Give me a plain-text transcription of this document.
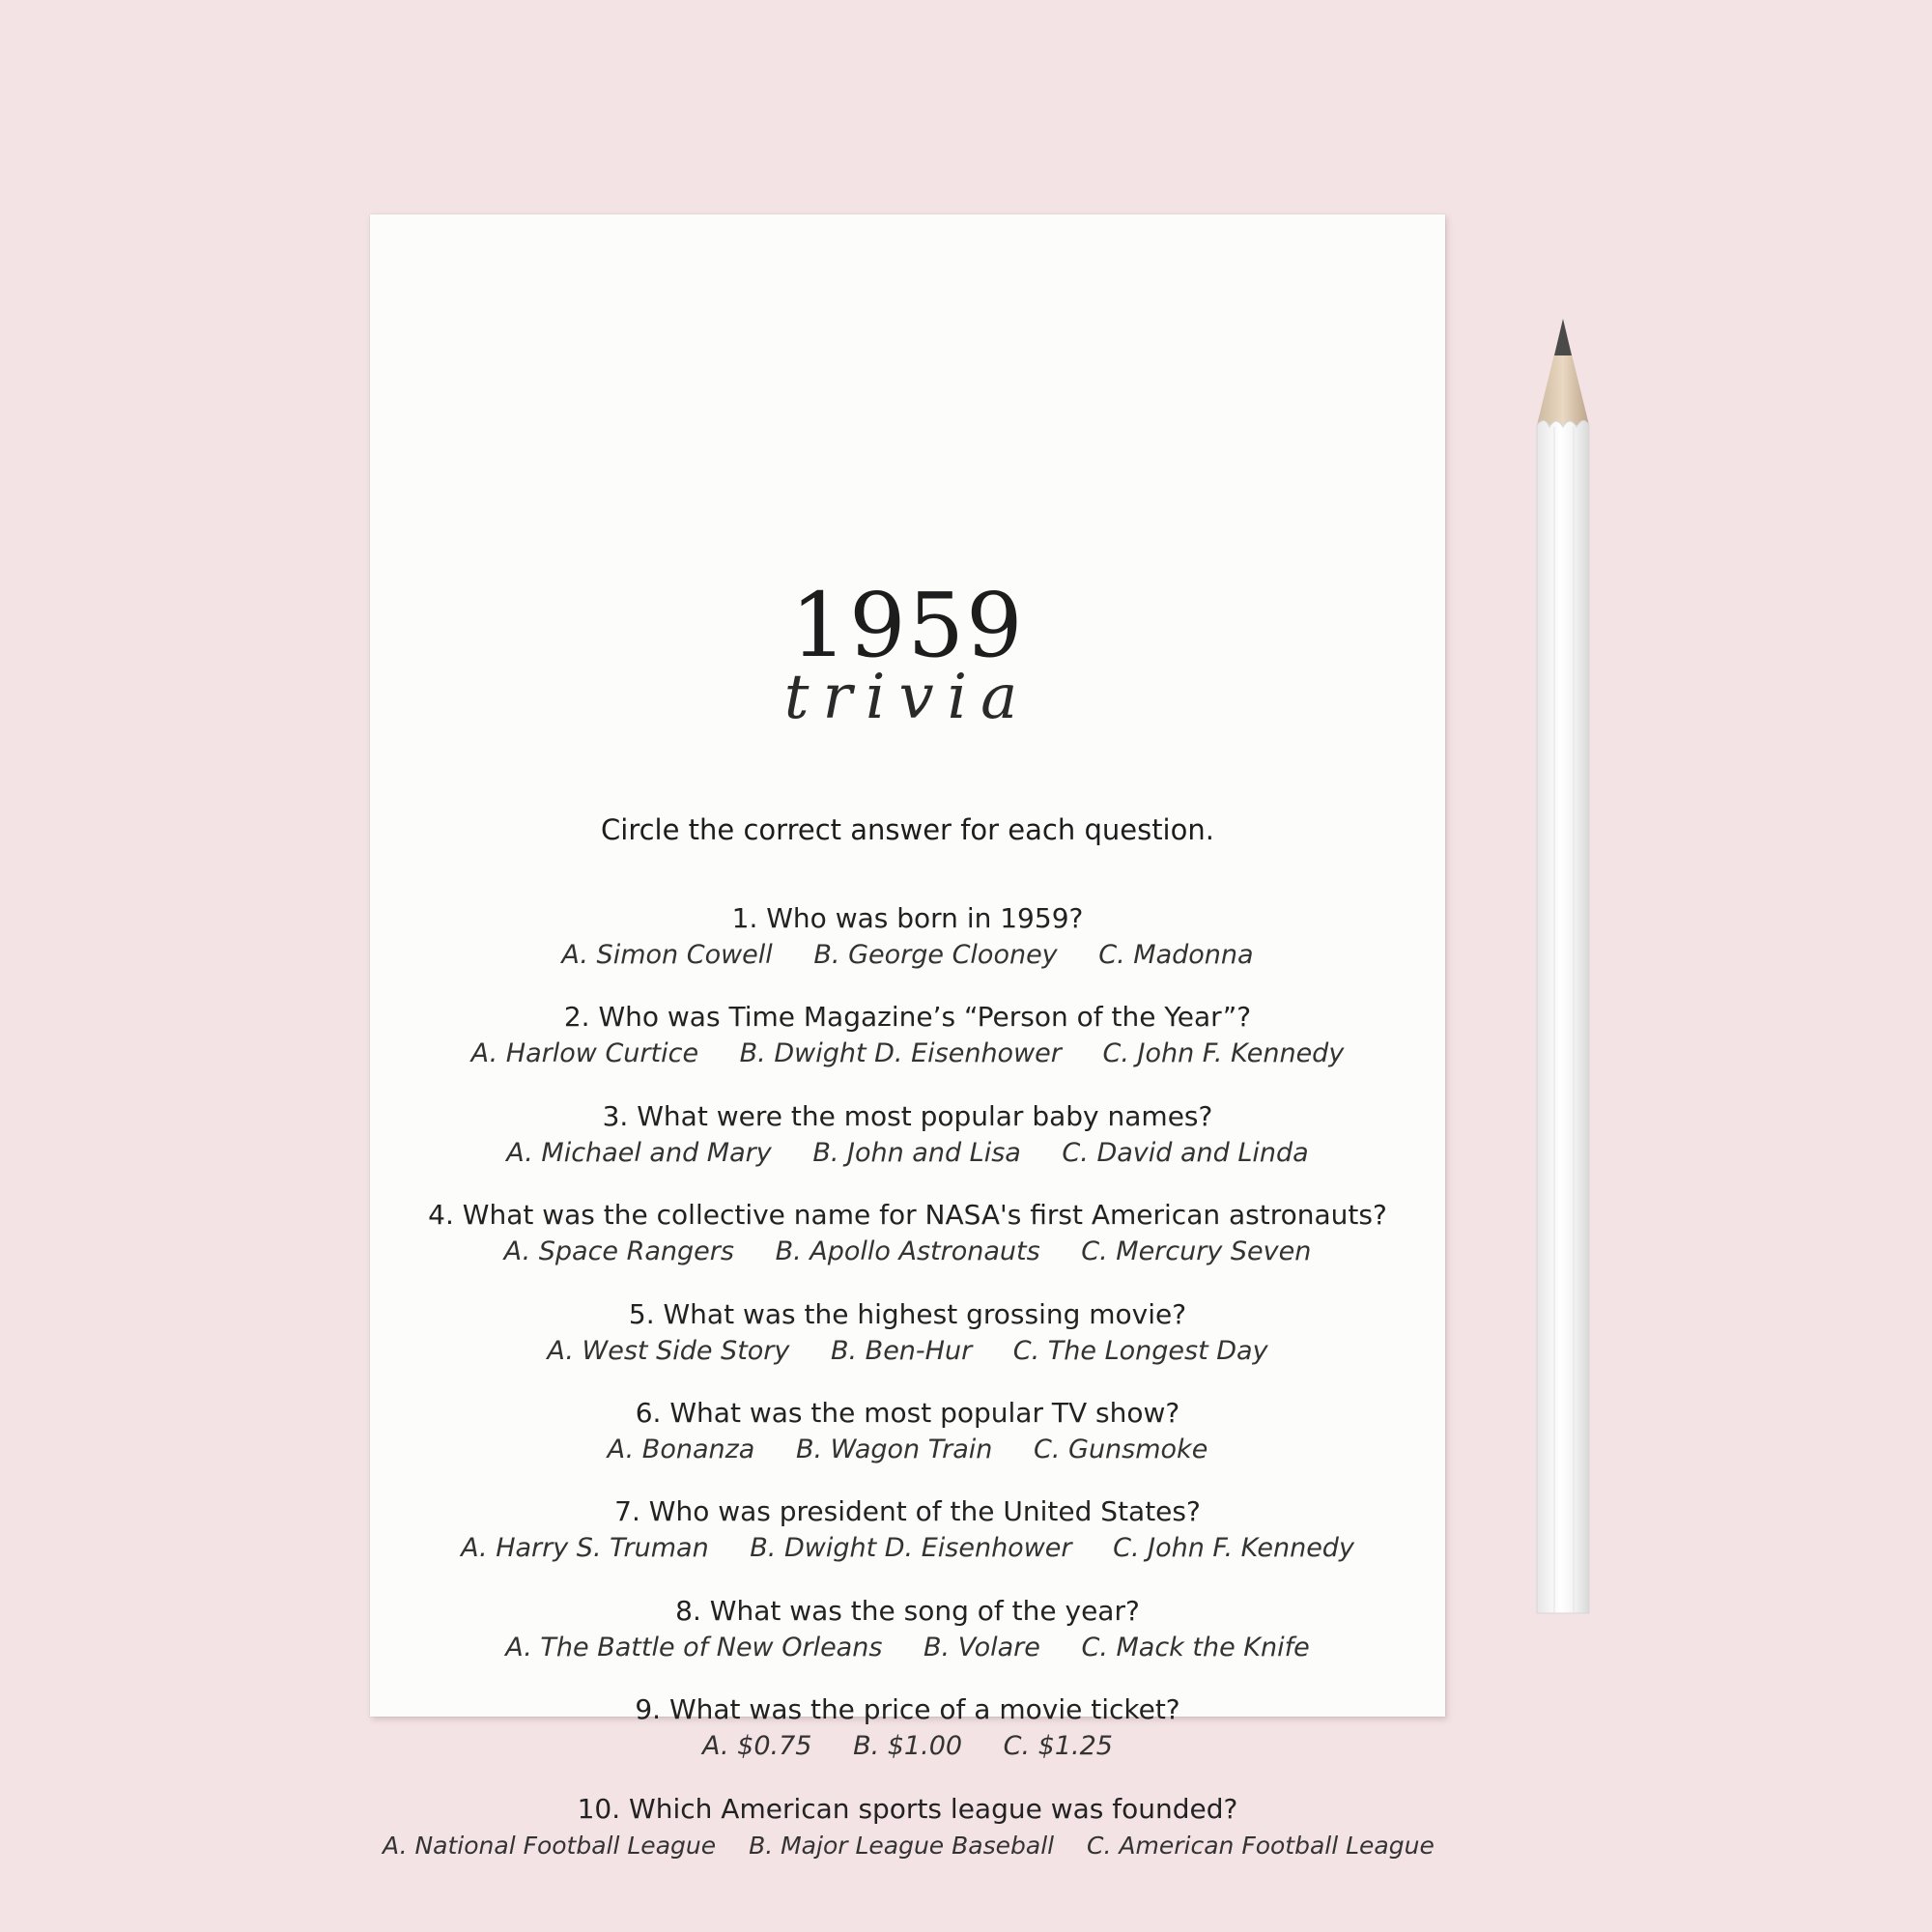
1959
trivia
Circle the correct answer for each question.
1. Who was born in 1959?
A. Simon Cowell B. George Clooney C. Madonna
2. Who was Time Magazine’s “Person of the Year”?
A. Harlow Curtice B. Dwight D. Eisenhower C. John F. Kennedy
3. What were the most popular baby names?
A. Michael and Mary B. John and Lisa C. David and Linda
4. What was the collective name for NASA's first American astronauts?
A. Space Rangers B. Apollo Astronauts C. Mercury Seven
5. What was the highest grossing movie?
A. West Side Story B. Ben-Hur C. The Longest Day
6. What was the most popular TV show?
A. Bonanza B. Wagon Train C. Gunsmoke
7. Who was president of the United States?
A. Harry S. Truman B. Dwight D. Eisenhower C. John F. Kennedy
8. What was the song of the year?
A. The Battle of New Orleans B. Volare C. Mack the Knife
9. What was the price of a movie ticket?
A. $0.75 B. $1.00 C. $1.25
10. Which American sports league was founded?
A. National Football League B. Major League Baseball C. American Football League
